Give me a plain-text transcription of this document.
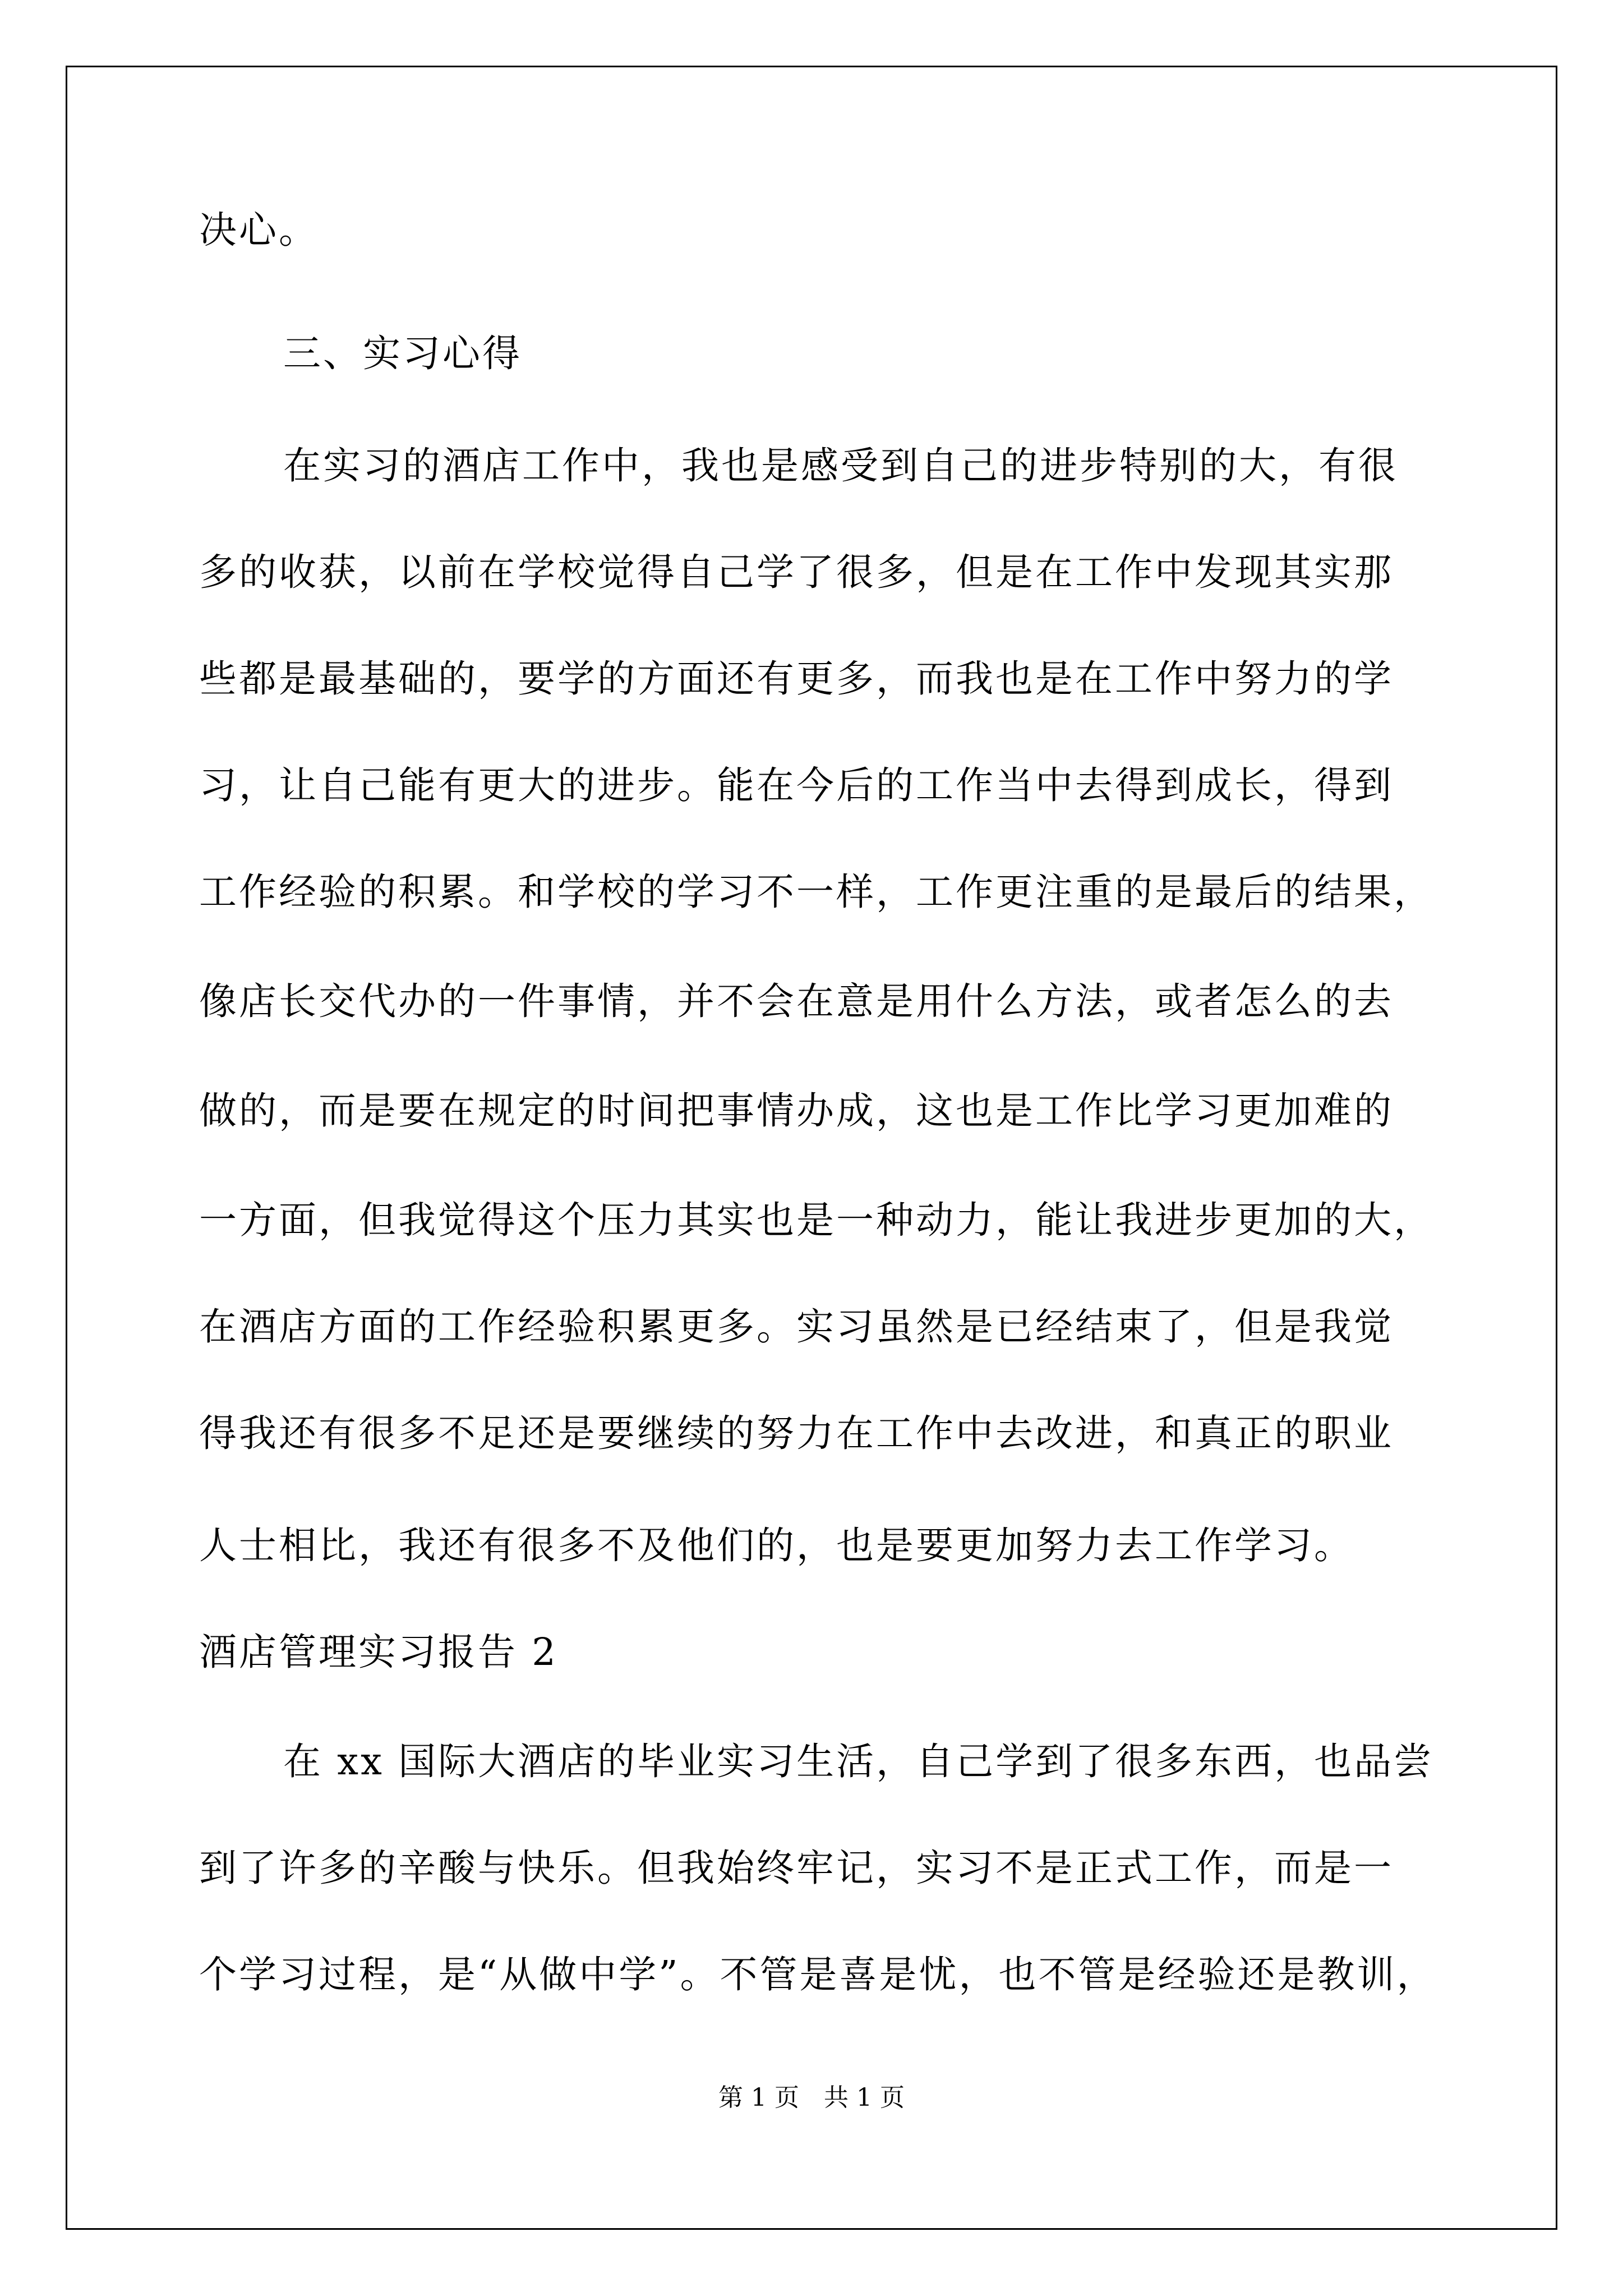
决心。
三、实习心得
在实习的酒店工作中，我也是感受到自己的进步特别的大，有很
多的收获，以前在学校觉得自己学了很多，但是在工作中发现其实那
些都是最基础的，要学的方面还有更多，而我也是在工作中努力的学
习，让自己能有更大的进步。能在今后的工作当中去得到成长，得到
工作经验的积累。和学校的学习不一样，工作更注重的是最后的结果，
像店长交代办的一件事情，并不会在意是用什么方法，或者怎么的去
做的，而是要在规定的时间把事情办成，这也是工作比学习更加难的
一方面，但我觉得这个压力其实也是一种动力，能让我进步更加的大，
在酒店方面的工作经验积累更多。实习虽然是已经结束了，但是我觉
得我还有很多不足还是要继续的努力在工作中去改进，和真正的职业
人士相比，我还有很多不及他们的，也是要更加努力去工作学习。
酒店管理实习报告 2
在 xx 国际大酒店的毕业实习生活，自己学到了很多东西，也品尝
到了许多的辛酸与快乐。但我始终牢记，实习不是正式工作，而是一
个学习过程，是“从做中学”。不管是喜是忧，也不管是经验还是教训，
第 1 页　共 1 页
